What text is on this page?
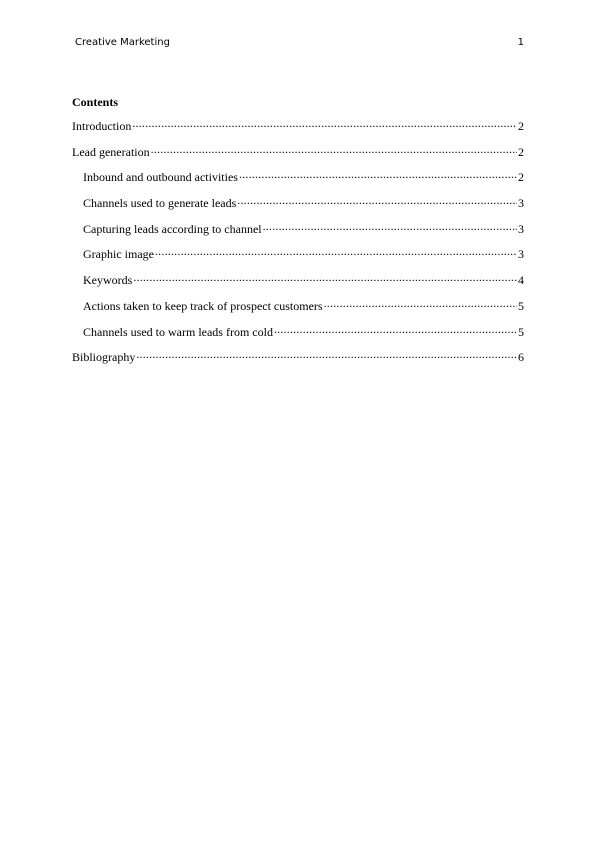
Creative Marketing	1
Contents
Introduction .....	2
Lead generation .....	2
Inbound and outbound activities .....	2
Channels used to generate leads .....	3
Capturing leads according to channel .....	3
Graphic image .....	3
Keywords .....	4
Actions taken to keep track of prospect customers .....	5
Channels used to warm leads from cold .....	5
Bibliography .....	6
